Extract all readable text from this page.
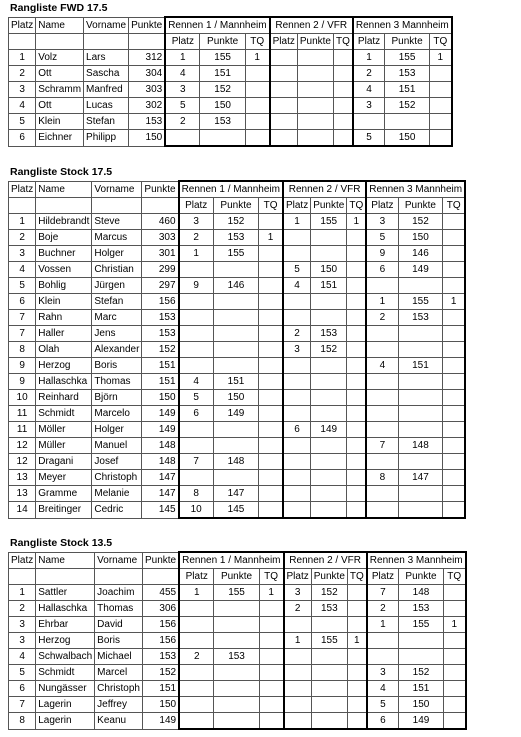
Rangliste FWD 17.5
Platz	Name	Vorname	Punkte	Rennen 1 / Mannheim			Rennen 2 / VFR			Rennen 3 Mannheim		
				Platz	Punkte	TQ	Platz	Punkte	TQ	Platz	Punkte	TQ
1	Volz	Lars	312	1	155	1				1	155	1
2	Ott	Sascha	304	4	151					2	153	
3	Schramm	Manfred	303	3	152					4	151	
4	Ott	Lucas	302	5	150					3	152	
5	Klein	Stefan	153	2	153							
6	Eichner	Philipp	150							5	150	
Rangliste Stock 17.5
Platz	Name	Vorname	Punkte	Rennen 1 / Mannheim			Rennen 2 / VFR			Rennen 3 Mannheim		
				Platz	Punkte	TQ	Platz	Punkte	TQ	Platz	Punkte	TQ
1	Hildebrandt	Steve	460	3	152		1	155	1	3	152	
2	Boje	Marcus	303	2	153	1				5	150	
3	Buchner	Holger	301	1	155					9	146	
4	Vossen	Christian	299				5	150		6	149	
5	Bohlig	Jürgen	297	9	146		4	151				
6	Klein	Stefan	156							1	155	1
7	Rahn	Marc	153							2	153	
7	Haller	Jens	153				2	153				
8	Olah	Alexander	152				3	152				
9	Herzog	Boris	151							4	151	
9	Hallaschka	Thomas	151	4	151							
10	Reinhard	Björn	150	5	150							
11	Schmidt	Marcelo	149	6	149							
11	Möller	Holger	149				6	149				
12	Müller	Manuel	148							7	148	
12	Dragani	Josef	148	7	148							
13	Meyer	Christoph	147							8	147	
13	Gramme	Melanie	147	8	147							
14	Breitinger	Cedric	145	10	145							
Rangliste Stock 13.5
Platz	Name	Vorname	Punkte	Rennen 1 / Mannheim			Rennen 2 / VFR			Rennen 3 Mannheim		
				Platz	Punkte	TQ	Platz	Punkte	TQ	Platz	Punkte	TQ
1	Sattler	Joachim	455	1	155	1	3	152		7	148	
2	Hallaschka	Thomas	306				2	153		2	153	
3	Ehrbar	David	156							1	155	1
3	Herzog	Boris	156				1	155	1			
4	Schwalbach	Michael	153	2	153							
5	Schmidt	Marcel	152							3	152	
6	Nungässer	Christoph	151							4	151	
7	Lagerin	Jeffrey	150							5	150	
8	Lagerin	Keanu	149							6	149	
